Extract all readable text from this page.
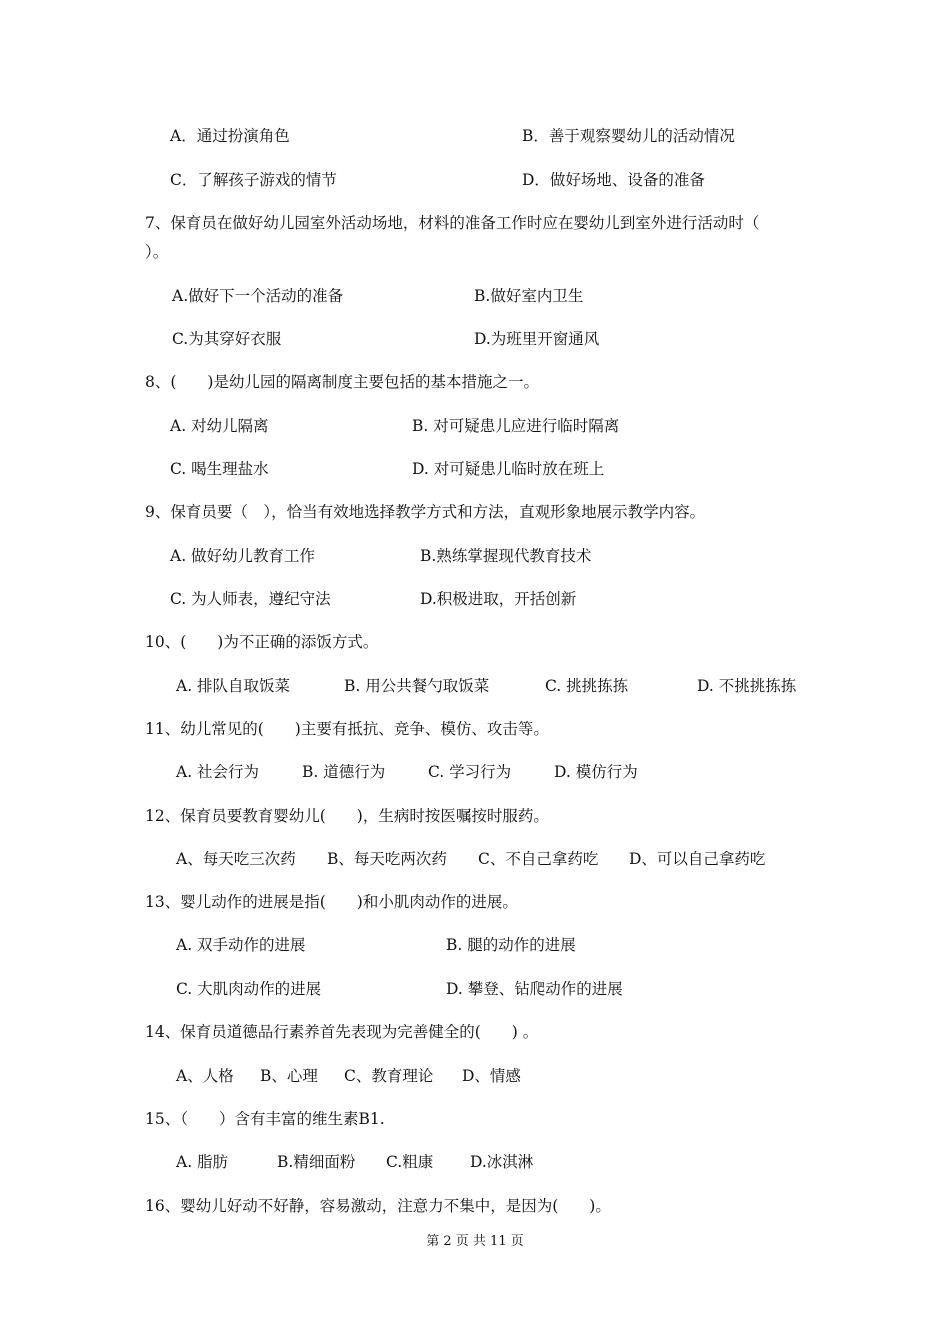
A．通过扮演角色	B．善于观察婴幼儿的活动情况
C．了解孩子游戏的情节	D．做好场地、设备的准备
7、保育员在做好幼儿园室外活动场地，材料的准备工作时应在婴幼儿到室外进行活动时（
）。
A.做好下一个活动的准备	B.做好室内卫生
C.为其穿好衣服	D.为班里开窗通风
8、(　　)是幼儿园的隔离制度主要包括的基本措施之一。
A. 对幼儿隔离	B. 对可疑患儿应进行临时隔离
C. 喝生理盐水	D. 对可疑患儿临时放在班上
9、保育员要（　），恰当有效地选择教学方式和方法，直观形象地展示教学内容。
A. 做好幼儿教育工作	B.熟练掌握现代教育技术
C. 为人师表，遵纪守法	D.积极进取，开括创新
10、(　　)为不正确的添饭方式。
A. 排队自取饭菜	B. 用公共餐勺取饭菜	C. 挑挑拣拣	D. 不挑挑拣拣
11、幼儿常见的(　　)主要有抵抗、竞争、模仿、攻击等。
A. 社会行为	B. 道德行为	C. 学习行为	D. 模仿行为
12、保育员要教育婴幼儿(　　)，生病时按医嘱按时服药。
A、每天吃三次药 B、每天吃两次药 C、不自己拿药吃 D、可以自己拿药吃
13、婴儿动作的进展是指(　　)和小肌肉动作的进展。
A. 双手动作的进展	B. 腿的动作的进展
C. 大肌肉动作的进展	D. 攀登、钻爬动作的进展
14、保育员道德品行素养首先表现为完善健全的(　　) 。
A、人格 B、心理 C、教育理论 D、情感
15、（　　）含有丰富的维生素B1.
A. 脂肪	B.精细面粉 C.粗康 D.冰淇淋
16、婴幼儿好动不好静，容易激动，注意力不集中，是因为(　　)。
第 2 页 共 11 页
